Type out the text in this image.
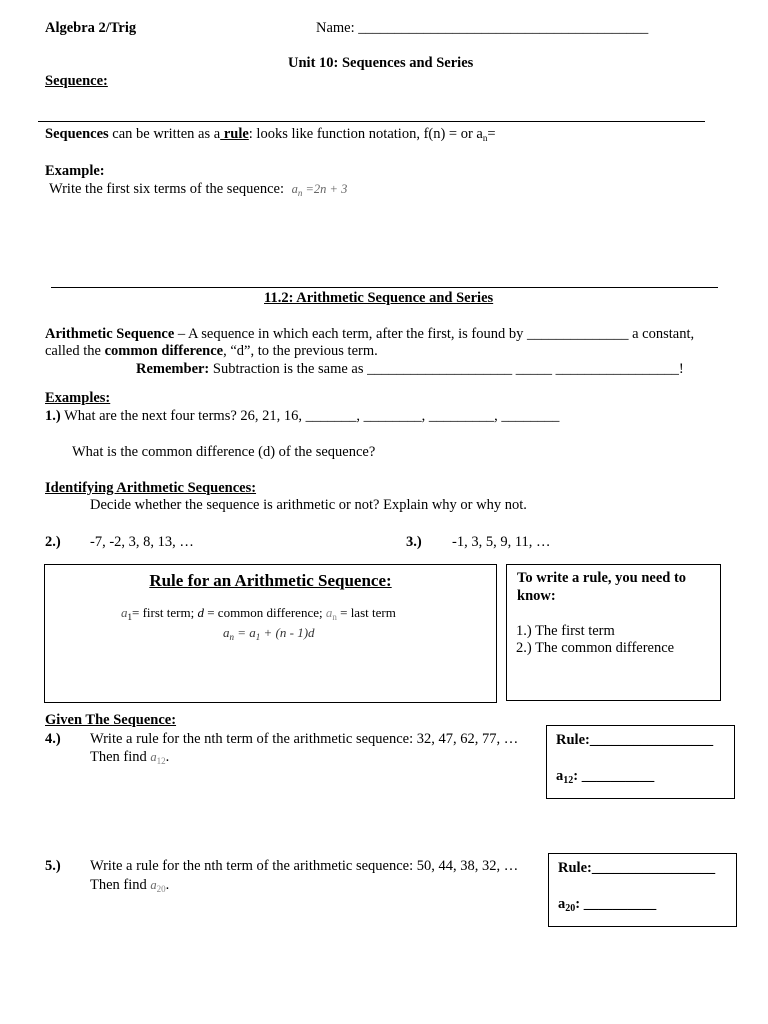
Algebra 2/Trig	Name: ________________________________________
Unit 10: Sequences and Series
Sequence:
Sequences can be written as a rule: looks like function notation, f(n) = or $a_n=$
Example:
Write the first six terms of the sequence: $a_n =2n + 3$
11.2: Arithmetic Sequence and Series
Arithmetic Sequence – A sequence in which each term, after the first, is found by ______________ a constant,
called the common difference, “d”, to the previous term.
Remember: Subtraction is the same as ____________________ _____ _________________!
Examples:
1.) What are the next four terms? 26, 21, 16, _______, ________, _________, ________
What is the common difference (d) of the sequence?
Identifying Arithmetic Sequences:
Decide whether the sequence is arithmetic or not? Explain why or why not.
2.) -7, -2, 3, 8, 13, …	3.) -1, 3, 5, 9, 11, …
Rule for an Arithmetic Sequence:
$a_1=$ first term; d = common difference; $a_n$ = last term
$a_n = a_1 + (n - 1)d$
To write a rule, you need to
know:
1.) The first term
2.) The common difference
Given The Sequence:
4.) Write a rule for the nth term of the arithmetic sequence: 32, 47, 62, 77, …
Then find $a_{12}$.
Rule:_________________
$a_{12}$: __________
5.) Write a rule for the nth term of the arithmetic sequence: 50, 44, 38, 32, …
Then find $a_{20}$.
Rule:_________________
$a_{20}$: __________
